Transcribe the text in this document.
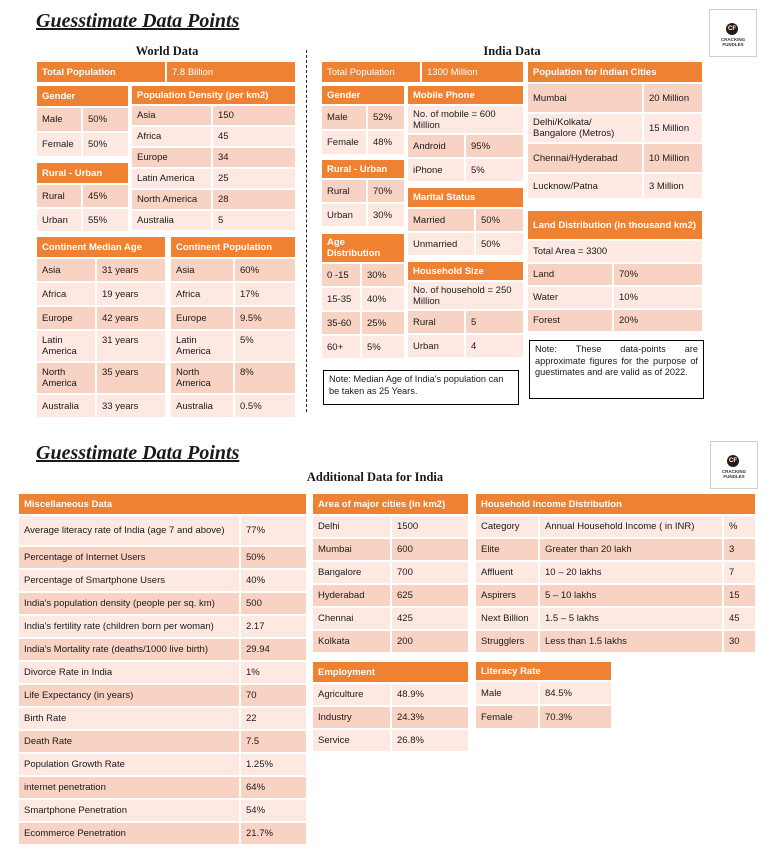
Guesstimate Data Points	CF
CRACKING FUNDLES
World Data	India Data
Total Population	7.8 Billion
Gender	
Male	50%
Female	50%
Population Density (per km2)	
Asia	150
Africa	45
Europe	34
Latin America	25
North America	28
Australia	5
Rural - Urban	
Rural	45%
Urban	55%
Continent Median Age	
Asia	31 years
Africa	19 years
Europe	42 years
Latin America	31 years
North America	35 years
Australia	33 years
Continent Population	
Asia	60%
Africa	17%
Europe	9.5%
Latin America	5%
North America	8%
Australia	0.5%
Total Population	1300 Million
Gender	
Male	52%
Female	48%
Rural - Urban	
Rural	70%
Urban	30%
Age Distribution	
0 -15	30%
15-35	40%
35-60	25%
60+	5%
Mobile Phone	
No. of mobile = 600 Million	
Android	95%
iPhone	5%
Marital Status	
Married	50%
Unmarried	50%
Household Size	
No. of household = 250 Million	
Rural	5
Urban	4
Note: Median Age of India's population can be taken as 25 Years.
Population for Indian Cities	
Mumbai	20 Million
Delhi/Kolkata/ Bangalore (Metros)	15 Million
Chennai/Hyderabad	10 Million
Lucknow/Patna	3 Million
Land Distribution (in thousand km2)	
Total Area = 3300	
Land	70%
Water	10%
Forest	20%
Note: These data-points are approximate figures for the purpose of guestimates and are valid as of 2022.
Guesstimate Data Points	CF
CRACKING FUNDLES
Additional Data for India
Miscellaneous Data	
Average literacy rate of India (age 7 and above)	77%
Percentage of Internet Users	50%
Percentage of Smartphone Users	40%
India's population density (people per sq. km)	500
India's fertility rate (children born per woman)	2.17
India's Mortality rate (deaths/1000 live birth)	29.94
Divorce Rate in India	1%
Life Expectancy (in years)	70
Birth Rate	22
Death Rate	7.5
Population Growth Rate	1.25%
internet penetration	64%
Smartphone Penetration	54%
Ecommerce Penetration	21.7%
Area of major cities (in km2)	
Delhi	1500
Mumbai	600
Bangalore	700
Hyderabad	625
Chennai	425
Kolkata	200
Employment	
Agriculture	48.9%
Industry	24.3%
Service	26.8%
Household Income Distribution		
Category	Annual Household Income ( in INR)	%
Elite	Greater than 20 lakh	3
Affluent	10 – 20 lakhs	7
Aspirers	5 – 10 lakhs	15
Next Billion	1.5 – 5 lakhs	45
Strugglers	Less than 1.5 lakhs	30
Literacy Rate	
Male	84.5%
Female	70.3%
